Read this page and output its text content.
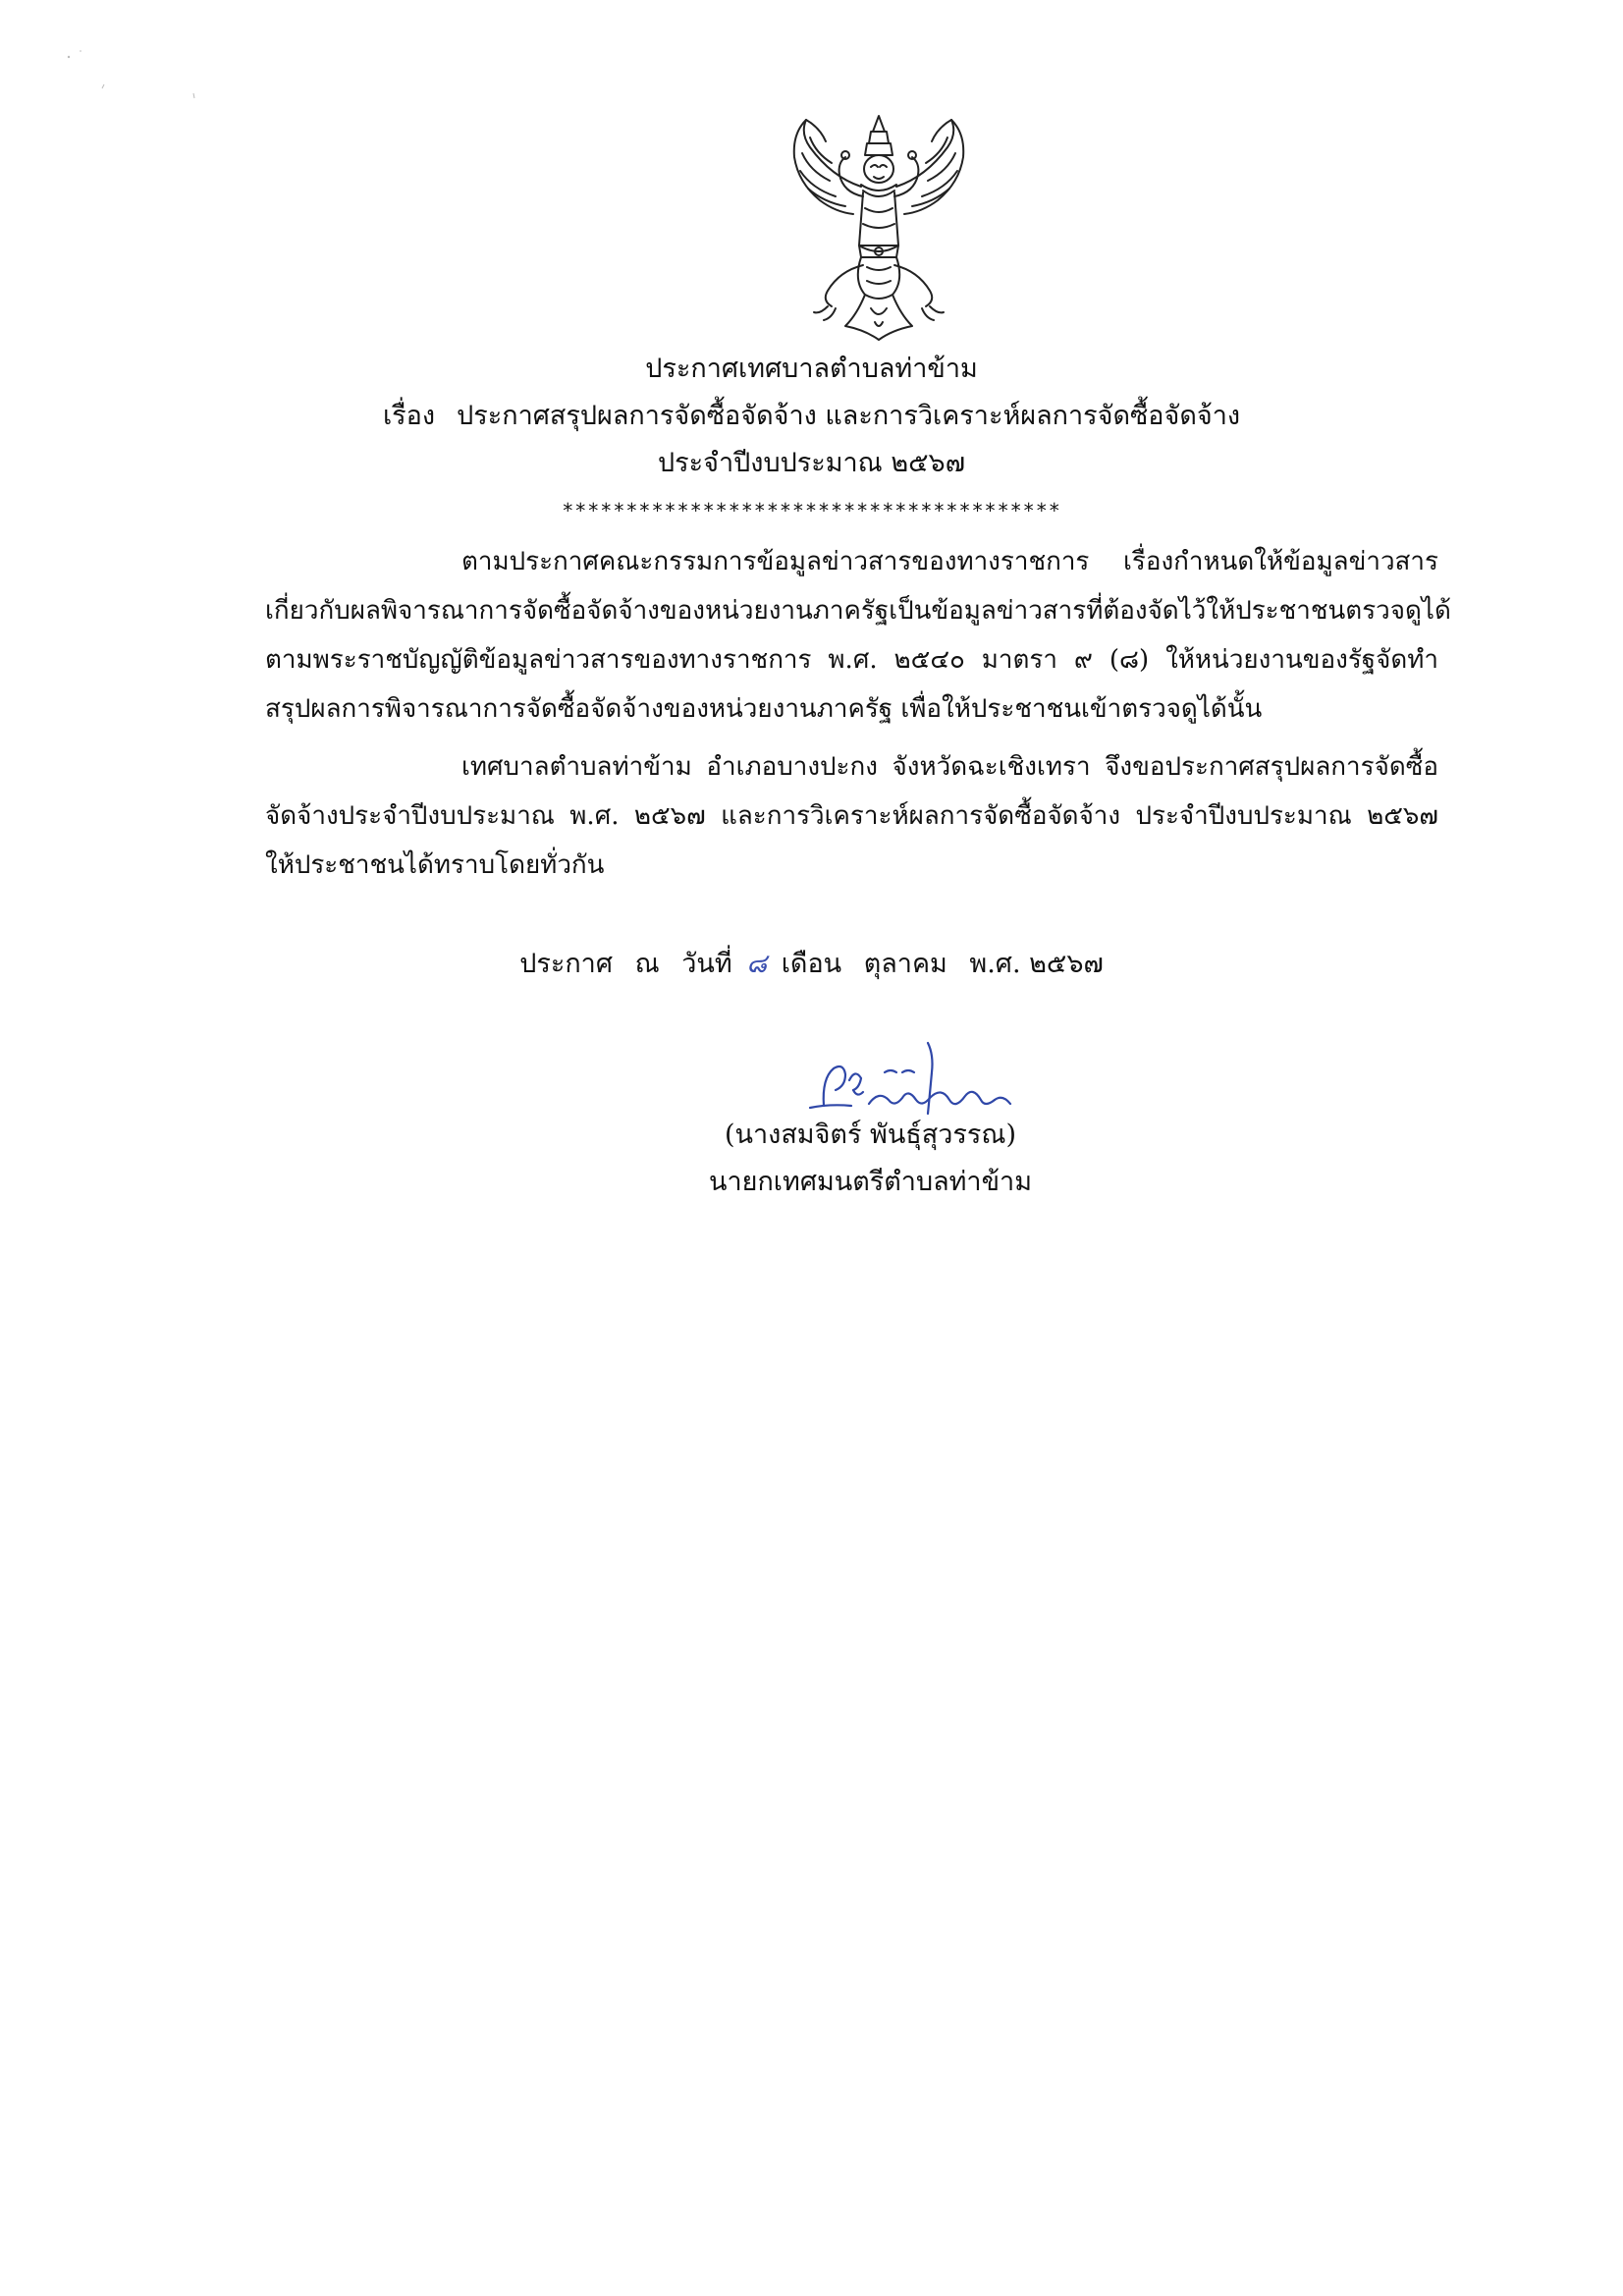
ประกาศเทศบาลตำบลท่าข้าม
เรื่อง ประกาศสรุปผลการจัดซื้อจัดจ้าง และการวิเคราะห์ผลการจัดซื้อจัดจ้าง
ประจำปีงบประมาณ ๒๕๖๗
***************************************
ตามประกาศคณะกรรมการข้อมูลข่าวสารของทางราชการ เรื่องกำหนดให้ข้อมูลข่าวสาร
เกี่ยวกับผลพิจารณาการจัดซื้อจัดจ้างของหน่วยงานภาครัฐเป็นข้อมูลข่าวสารที่ต้องจัดไว้ให้ประชาชนตรวจดูได้
ตามพระราชบัญญัติข้อมูลข่าวสารของทางราชการ พ.ศ. ๒๕๔๐ มาตรา ๙ (๘) ให้หน่วยงานของรัฐจัดทำ
สรุปผลการพิจารณาการจัดซื้อจัดจ้างของหน่วยงานภาครัฐ เพื่อให้ประชาชนเข้าตรวจดูได้นั้น
เทศบาลตำบลท่าข้าม อำเภอบางปะกง จังหวัดฉะเชิงเทรา จึงขอประกาศสรุปผลการจัดซื้อ
จัดจ้างประจำปีงบประมาณ พ.ศ. ๒๕๖๗ และการวิเคราะห์ผลการจัดซื้อจัดจ้าง ประจำปีงบประมาณ ๒๕๖๗
ให้ประชาชนได้ทราบโดยทั่วกัน
ประกาศ ณ วันที่ ๘ เดือน ตุลาคม พ.ศ. ๒๕๖๗
(นางสมจิตร์ พันธุ์สุวรรณ)
นายกเทศมนตรีตำบลท่าข้าม
